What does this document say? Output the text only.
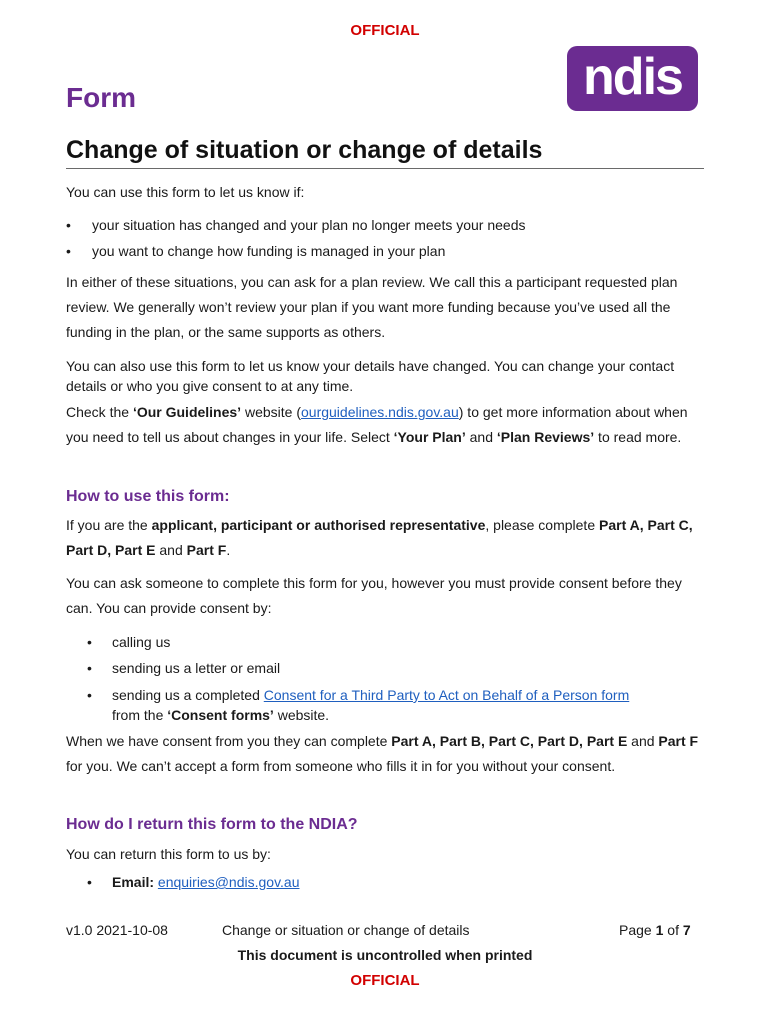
OFFICIAL
ndis
Form
Change of situation or change of details

You can use this form to let us know if:

• your situation has changed and your plan no longer meets your needs
• you want to change how funding is managed in your plan

In either of these situations, you can ask for a plan review. We call this a participant requested plan review. We generally won’t review your plan if you want more funding because you’ve used all the funding in the plan, or the same supports as others.

You can also use this form to let us know your details have changed. You can change your contact details or who you give consent to at any time.

Check the ‘Our Guidelines’ website (ourguidelines.ndis.gov.au) to get more information about when you need to tell us about changes in your life. Select ‘Your Plan’ and ‘Plan Reviews’ to read more.

How to use this form:

If you are the applicant, participant or authorised representative, please complete Part A, Part C, Part D, Part E and Part F.

You can ask someone to complete this form for you, however you must provide consent before they can. You can provide consent by:

• calling us
• sending us a letter or email
• sending us a completed Consent for a Third Party to Act on Behalf of a Person form
from the ‘Consent forms’ website.

When we have consent from you they can complete Part A, Part B, Part C, Part D, Part E and Part F for you. We can’t accept a form from someone who fills it in for you without your consent.

How do I return this form to the NDIA?

You can return this form to us by:

• Email: enquiries@ndis.gov.au
v1.0 2021-10-08	Change or situation or change of details	Page 1 of 7
This document is uncontrolled when printed
OFFICIAL
